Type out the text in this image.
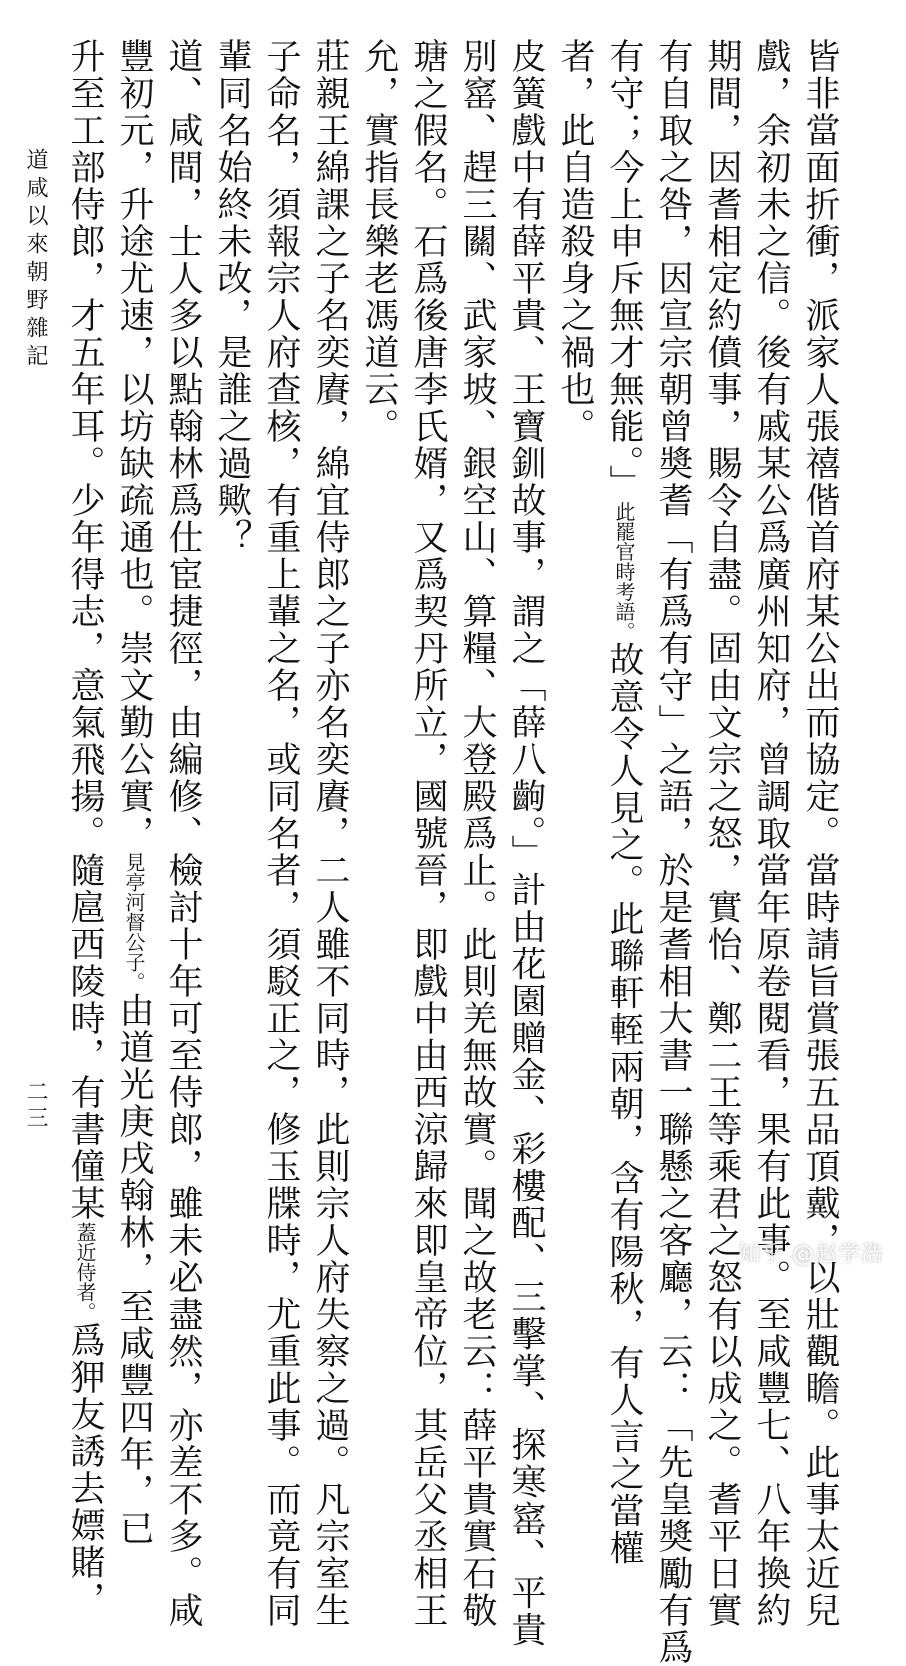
皆非當面折衝，派家人張禧偕首府某公出而協定。當時請旨賞張五品頂戴，以壯觀瞻。此事太近兒
戲，余初未之信。後有戚某公爲廣州知府，曾調取當年原卷閱看，果有此事。至咸豐七、八年換約
期間，因耆相定約僨事，賜令自盡。固由文宗之怒，實怡、鄭二王等乘君之怒有以成之。耆平日實
有自取之咎，因宣宗朝曾奬耆「有爲有守」之語，於是耆相大書一聯懸之客廳，云：「先皇奬勵有爲
有守；今上申斥無才無能。」此罷官時考語。故意令人見之。此聯軒輊兩朝，含有陽秋，有人言之當權
者，此自造殺身之禍也。
皮簧戲中有薛平貴、王寶釧故事，謂之「薛八齣。」計由花園贈金、彩樓配、三擊掌、探寒窰、平貴
別窰、趕三關、武家坡、銀空山、算糧、大登殿爲止。此則羌無故實。聞之故老云：薛平貴實石敬
瑭之假名。石爲後唐李氏婿，又爲契丹所立，國號晉，即戲中由西涼歸來即皇帝位，其岳父丞相王
允，實指長樂老馮道云。
莊親王綿課之子名奕賡，綿宜侍郎之子亦名奕賡，二人雖不同時，此則宗人府失察之過。凡宗室生
子命名，須報宗人府查核，有重上輩之名，或同名者，須駁正之，修玉牒時，尤重此事。而竟有同
輩同名始終未改，是誰之過歟？
道、咸間，士人多以點翰林爲仕宦捷徑，由編修、檢討十年可至侍郎，雖未必盡然，亦差不多。咸
豐初元，升途尤速，以坊缺疏通也。崇文勤公實，見亭河督公子。由道光庚戌翰林，至咸豐四年，已
升至工部侍郎，才五年耳。少年得志，意氣飛揚。隨扈西陵時，有書僮某蓋近侍者。爲狎友誘去嫖賭，
道咸以來朝野雜記
二三
知乎 @赵学浩
